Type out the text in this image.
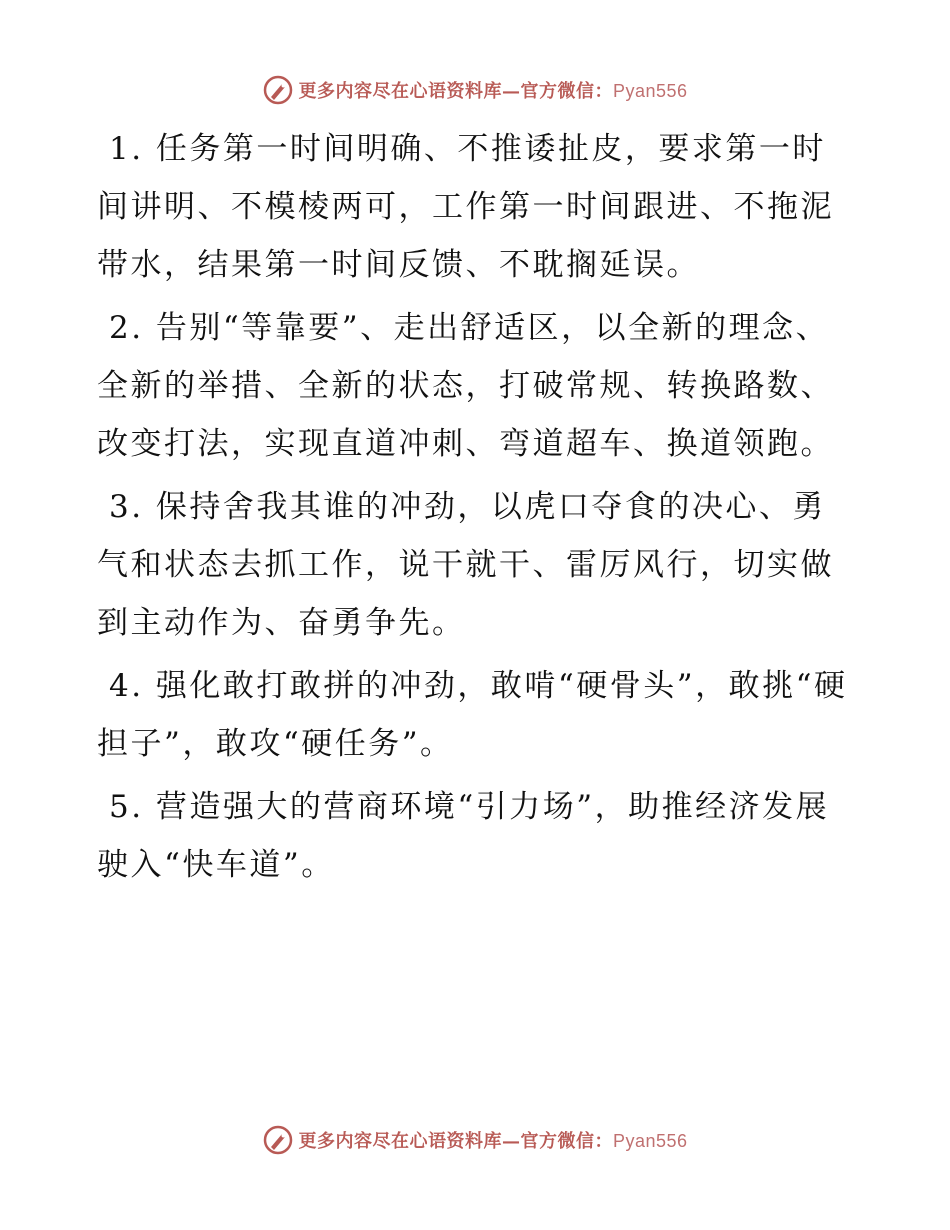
更多内容尽在心语资料库—官方微信：Pyan556

1. 任务第一时间明确、不推诿扯皮，要求第一时间讲明、不模棱两可，工作第一时间跟进、不拖泥带水，结果第一时间反馈、不耽搁延误。

2. 告别“等靠要”、走出舒适区，以全新的理念、全新的举措、全新的状态，打破常规、转换路数、改变打法，实现直道冲刺、弯道超车、换道领跑。

3. 保持舍我其谁的冲劲，以虎口夺食的决心、勇气和状态去抓工作，说干就干、雷厉风行，切实做到主动作为、奋勇争先。

4. 强化敢打敢拼的冲劲，敢啃“硬骨头”，敢挑“硬担子”，敢攻“硬任务”。

5. 营造强大的营商环境“引力场”，助推经济发展驶入“快车道”。

更多内容尽在心语资料库—官方微信：Pyan556
